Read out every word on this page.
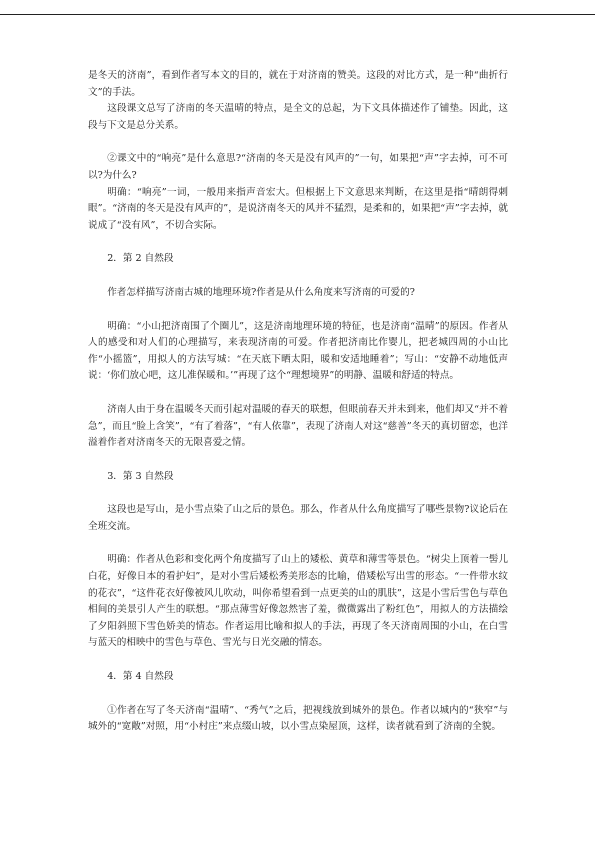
是冬天的济南”，看到作者写本文的目的，就在于对济南的赞美。这段的对比方式，是一种“曲折行文”的手法。

这段课文总写了济南的冬天温晴的特点，是全文的总起，为下文具体描述作了铺垫。因此，这段与下文是总分关系。

②课文中的“响亮”是什么意思?“济南的冬天是没有风声的”一句，如果把“声”字去掉，可不可以?为什么?

明确：“响亮”一词，一般用来指声音宏大。但根据上下文意思来判断，在这里是指“晴朗得刺眼”。“济南的冬天是没有风声的”，是说济南冬天的风并不猛烈，是柔和的，如果把“声”字去掉，就说成了“没有风”，不切合实际。

2．第 2 自然段

作者怎样描写济南古城的地理环境?作者是从什么角度来写济南的可爱的?

明确：“小山把济南围了个圈儿”，这是济南地理环境的特征，也是济南“温晴”的原因。作者从人的感受和对人们的心理描写，来表现济南的可爱。作者把济南比作婴儿，把老城四周的小山比作“小摇篮”，用拟人的方法写城：“在天底下晒太阳，暖和安适地睡着”；写山：“安静不动地低声说：‘你们放心吧，这儿准保暖和。’”再现了这个“理想境界”的明静、温暖和舒适的特点。

济南人由于身在温暖冬天而引起对温暖的春天的联想，但眼前春天并未到来，他们却又“并不着急”，而且“脸上含笑”，“有了着落”，“有人依靠”，表现了济南人对这“慈善”冬天的真切留恋，也洋溢着作者对济南冬天的无限喜爱之情。

3．第 3 自然段

这段也是写山，是小雪点染了山之后的景色。那么，作者从什么角度描写了哪些景物?议论后在全班交流。

明确：作者从色彩和变化两个角度描写了山上的矮松、黄草和薄雪等景色。“树尖上顶着一髻儿白花，好像日本的看护妇”，是对小雪后矮松秀美形态的比喻，借矮松写出雪的形态。“一件带水纹的花衣”，“这件花衣好像被风儿吹动，叫你希望看到一点更美的山的肌肤”，这是小雪后雪色与草色相间的美景引人产生的联想。“那点薄雪好像忽然害了羞，微微露出了粉红色”，用拟人的方法描绘了夕阳斜照下雪色娇美的情态。作者运用比喻和拟人的手法，再现了冬天济南周围的小山，在白雪与蓝天的相映中的雪色与草色、雪光与日光交融的情态。

4．第 4 自然段

①作者在写了冬天济南“温晴”、“秀气”之后，把视线放到城外的景色。作者以城内的“狭窄”与城外的“宽敞”对照，用“小村庄”来点缀山坡，以小雪点染屋顶，这样，读者就看到了济南的全貌。
